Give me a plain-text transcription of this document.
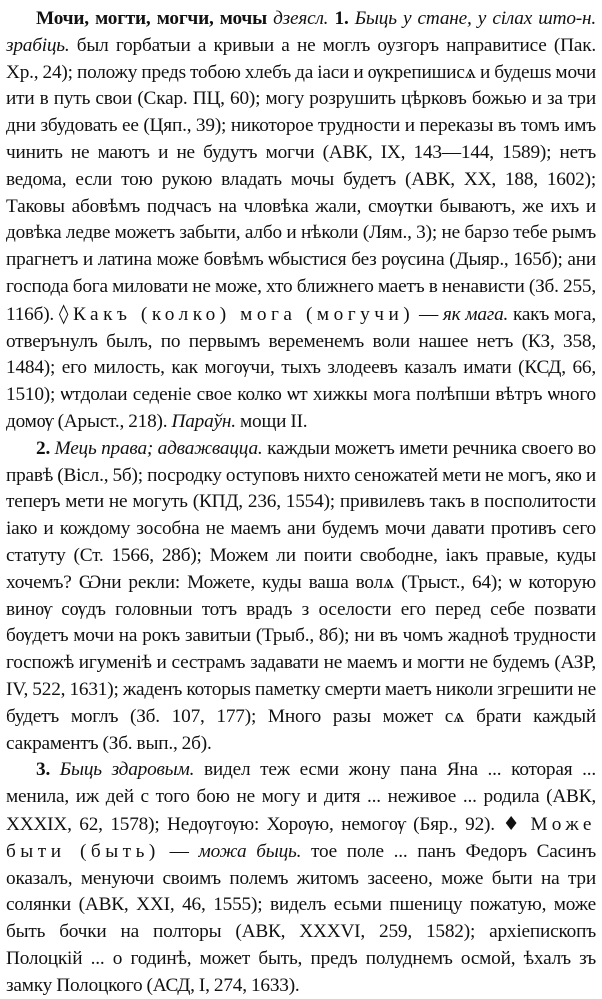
Мочи, могти, могчи, мочы дзеясл. 1. Быць у стане, у сілах што-н. зрабіць. был горбатыи а кривыи а не моглъ оузгоръ направитисе (Пак. Хр., 24); положу предѕ тобою хлебъ да іаси и ѹкрепишисѧ и будешѕ мочи ити в путь свои (Скар. ПЦ, 60); могу розрушить цѣрковъ божью и за три дни збудовать ее (Цяп., 39); никоторое трудности и переказы въ томъ имъ чинить не маютъ и не будутъ могчи (АВК, IX, 143—144, 1589); нетъ ведома, если тою рукою владать мочы будетъ (АВК, XX, 188, 1602); Таковы абовѣмъ подчасъ на чловѣка жали, смѹтки бываютъ, же ихъ и довѣка ледве можетъ забыти, албо и нѣколи (Лям., 3); не барзо тебе рымъ прагнетъ и латина може бовѣмъ ѡбыстися без рѹсина (Дыяр., 165б); ани господа бога миловати не може, хто ближнего маетъ в ненависти (Зб. 255, 116б). ◊ Какъ (колко) мога (могучи) — як мага. какъ мога, отвеpънулъ былъ, по первымъ веременемъ воли нашее нетъ (КЗ, 358, 1484); его милость, как могѹчи, тыхъ злодеевъ казалъ имати (КСД, 66, 1510); ѡтдолаи седеніе свое колко ѡт хижкы мога полѣпши вѣтръ ѡного домѹ (Арыст., 218). Параўн. мощи II.

2. Мець права; адважвацца. каждыи можетъ имети речника своего во правѣ (Вісл., 5б); посродку оступовъ нихто сеножатей мети не могъ, яко и теперъ мети не могуть (КПД, 236, 1554); привилевъ такъ в посполитости іако и кождому зособна не маемъ ани будемъ мочи давати противъ сего статуту (Ст. 1566, 28б); Можем ли поити свободне, іакъ правые, куды хочемъ? Ѡни рекли: Можете, куды ваша волѧ (Трыст., 64); ѡ которую винѹ сѹдъ головныи тотъ врадъ з оселости его перед себе позвати бѹдетъ мочи на рокъ завитыи (Трыб., 8б); ни въ чомъ жадноѣ трудности госпожѣ игуменіѣ и сестрамъ задавати не маемъ и могти не будемъ (АЗР, IV, 522, 1631); жаденъ которыѕ пaметку смерти маетъ николи згрешити не будетъ моглъ (Зб. 107, 177); Много разы может сѧ брати каждый сакраментъ (Зб. вып., 2б).

3. Быць здаровым. видел теж есми жону пана Яна ... которая ... менила, иж дей с того бою не могу и дитя ... неживое ... родила (АВК, XXXIX, 62, 1578); Недѹгѹю: Хорѹю, немогѹ (Бяр., 92). ♦ Може быти (быть) — можа быць. тое поле ... панъ Федоръ Сасинъ оказалъ, менуючи своимъ полемъ житомъ засеено, може быти на три солянки (АВК, XXI, 46, 1555); виделъ есьми пшеницу пожатую, може быть бочки на полторы (АВК, XXXVI, 259, 1582); архіепископъ Полоцкій ... о годинѣ, может быть, предъ полуднемъ осмой, ѣхалъ зъ замку Полоцкого (АСД, I, 274, 1633).
